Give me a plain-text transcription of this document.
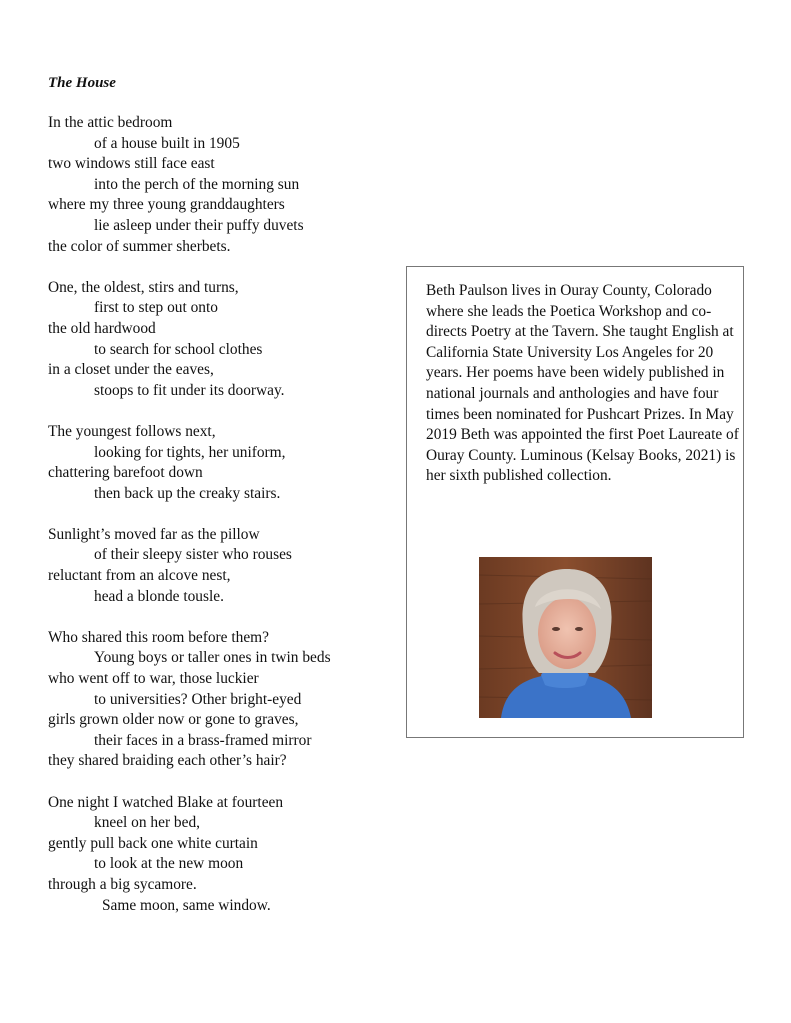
The House
In the attic bedroom
of a house built in 1905
two windows still face east
into the perch of the morning sun
where my three young granddaughters
lie asleep under their puffy duvets
the color of summer sherbets.
One, the oldest, stirs and turns,
first to step out onto
the old hardwood
to search for school clothes
in a closet under the eaves,
stoops to fit under its doorway.
The youngest follows next,
looking for tights, her uniform,
chattering barefoot down
then back up the creaky stairs.
Sunlight’s moved far as the pillow
of their sleepy sister who rouses
reluctant from an alcove nest,
head a blonde tousle.
Who shared this room before them?
Young boys or taller ones in twin beds
who went off to war, those luckier
to universities? Other bright-eyed
girls grown older now or gone to graves,
their faces in a brass-framed mirror
they shared braiding each other’s hair?
One night I watched Blake at fourteen
kneel on her bed,
gently pull back one white curtain
to look at the new moon
through a big sycamore.
Same moon, same window.

Beth Paulson lives in Ouray County, Colorado where she leads the Poetica Workshop and co-directs Poetry at the Tavern. She taught English at California State University Los Angeles for 20 years. Her poems have been widely published in national journals and anthologies and have four times been nominated for Pushcart Prizes. In May 2019 Beth was appointed the first Poet Laureate of Ouray County. Luminous (Kelsay Books, 2021) is her sixth published collection.
